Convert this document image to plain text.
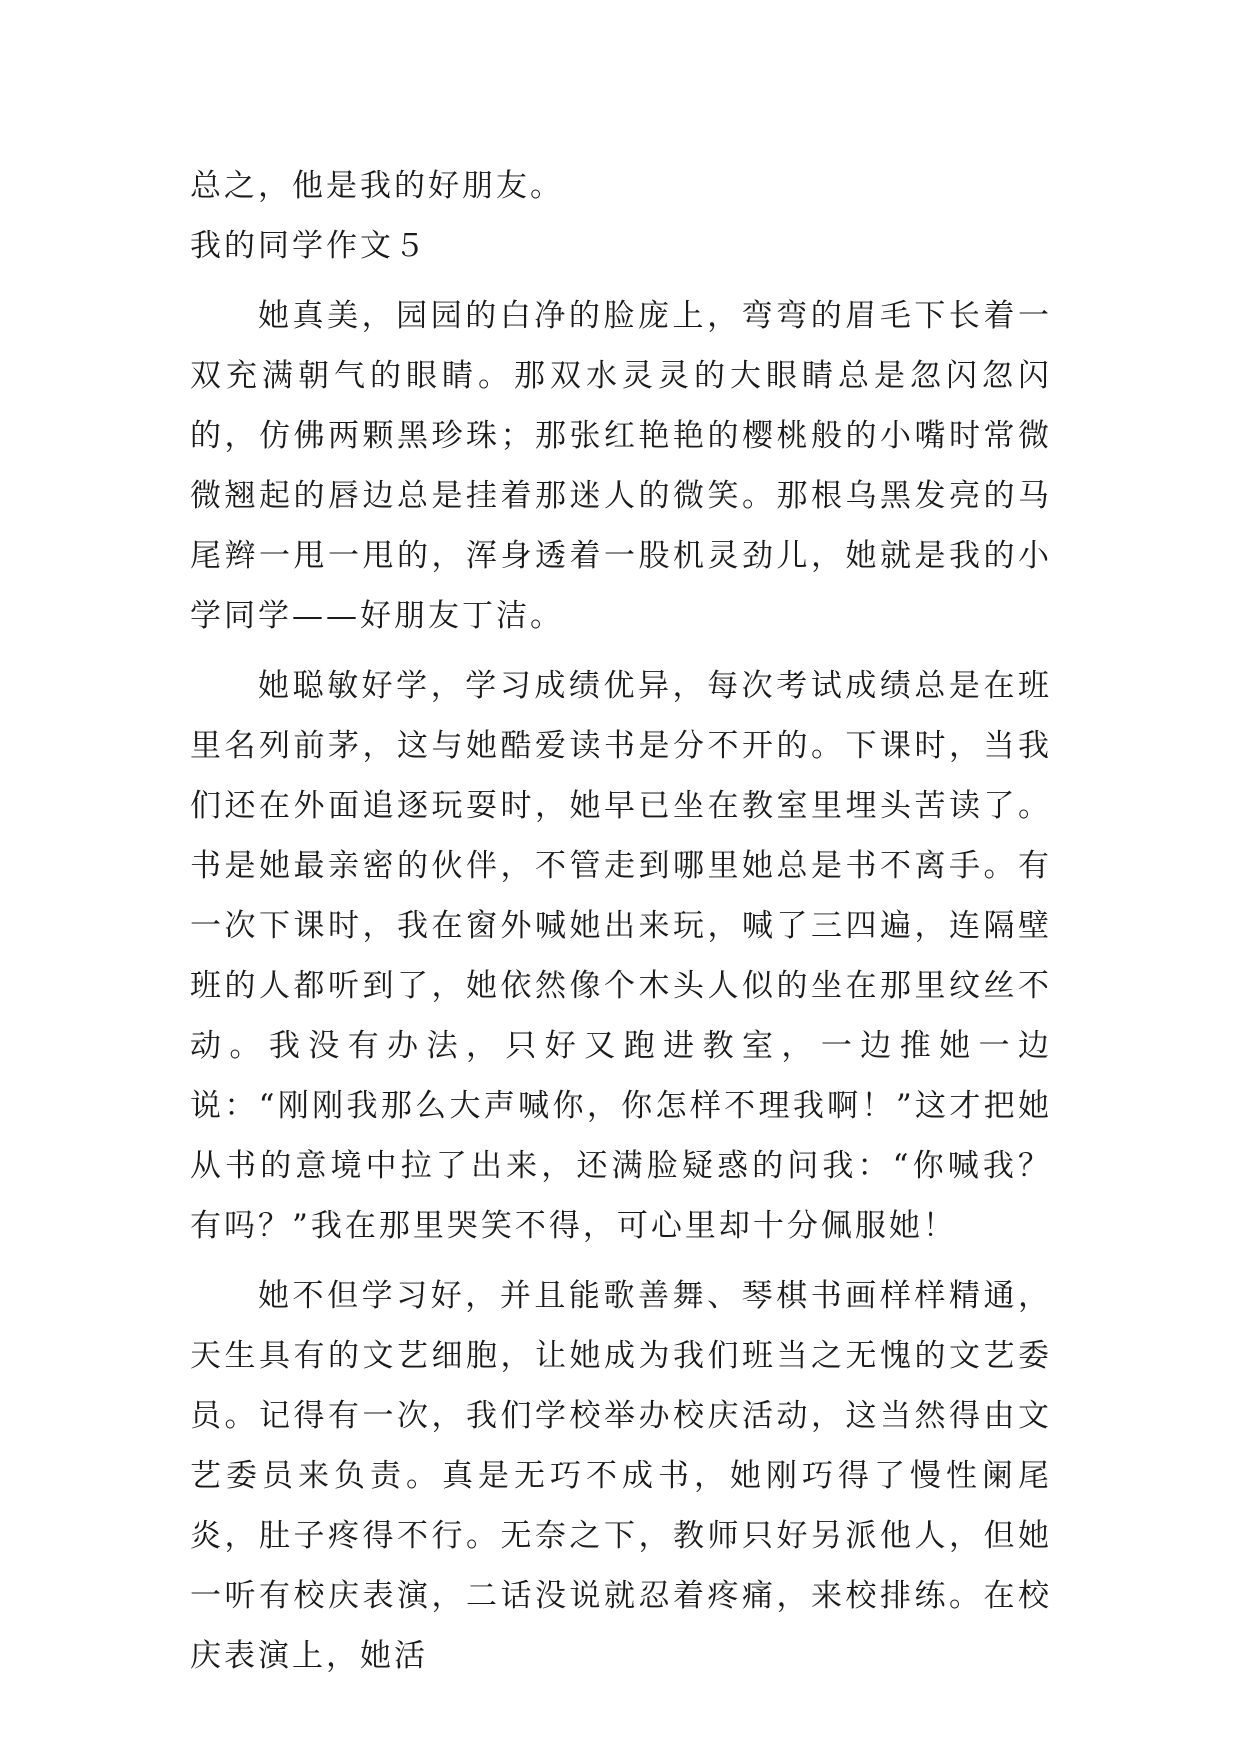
总之，他是我的好朋友。

我的同学作文５

她真美，园园的白净的脸庞上，弯弯的眉毛下长着一双充满朝气的眼睛。那双水灵灵的大眼睛总是忽闪忽闪的，仿佛两颗黑珍珠；那张红艳艳的樱桃般的小嘴时常微微翘起的唇边总是挂着那迷人的微笑。那根乌黑发亮的马尾辫一甩一甩的，浑身透着一股机灵劲儿，她就是我的小学同学——好朋友丁洁。

她聪敏好学，学习成绩优异，每次考试成绩总是在班里名列前茅，这与她酷爱读书是分不开的。下课时，当我们还在外面追逐玩耍时，她早已坐在教室里埋头苦读了。书是她最亲密的伙伴，不管走到哪里她总是书不离手。有一次下课时，我在窗外喊她出来玩，喊了三四遍，连隔壁班的人都听到了，她依然像个木头人似的坐在那里纹丝不动。我没有办法，只好又跑进教室，一边推她一边说：“刚刚我那么大声喊你，你怎样不理我啊！”这才把她从书的意境中拉了出来，还满脸疑惑的问我：“你喊我？有吗？”我在那里哭笑不得，可心里却十分佩服她！

她不但学习好，并且能歌善舞、琴棋书画样样精通，天生具有的文艺细胞，让她成为我们班当之无愧的文艺委员。记得有一次，我们学校举办校庆活动，这当然得由文艺委员来负责。真是无巧不成书，她刚巧得了慢性阑尾炎，肚子疼得不行。无奈之下，教师只好另派他人，但她一听有校庆表演，二话没说就忍着疼痛，来校排练。在校庆表演上，她活
